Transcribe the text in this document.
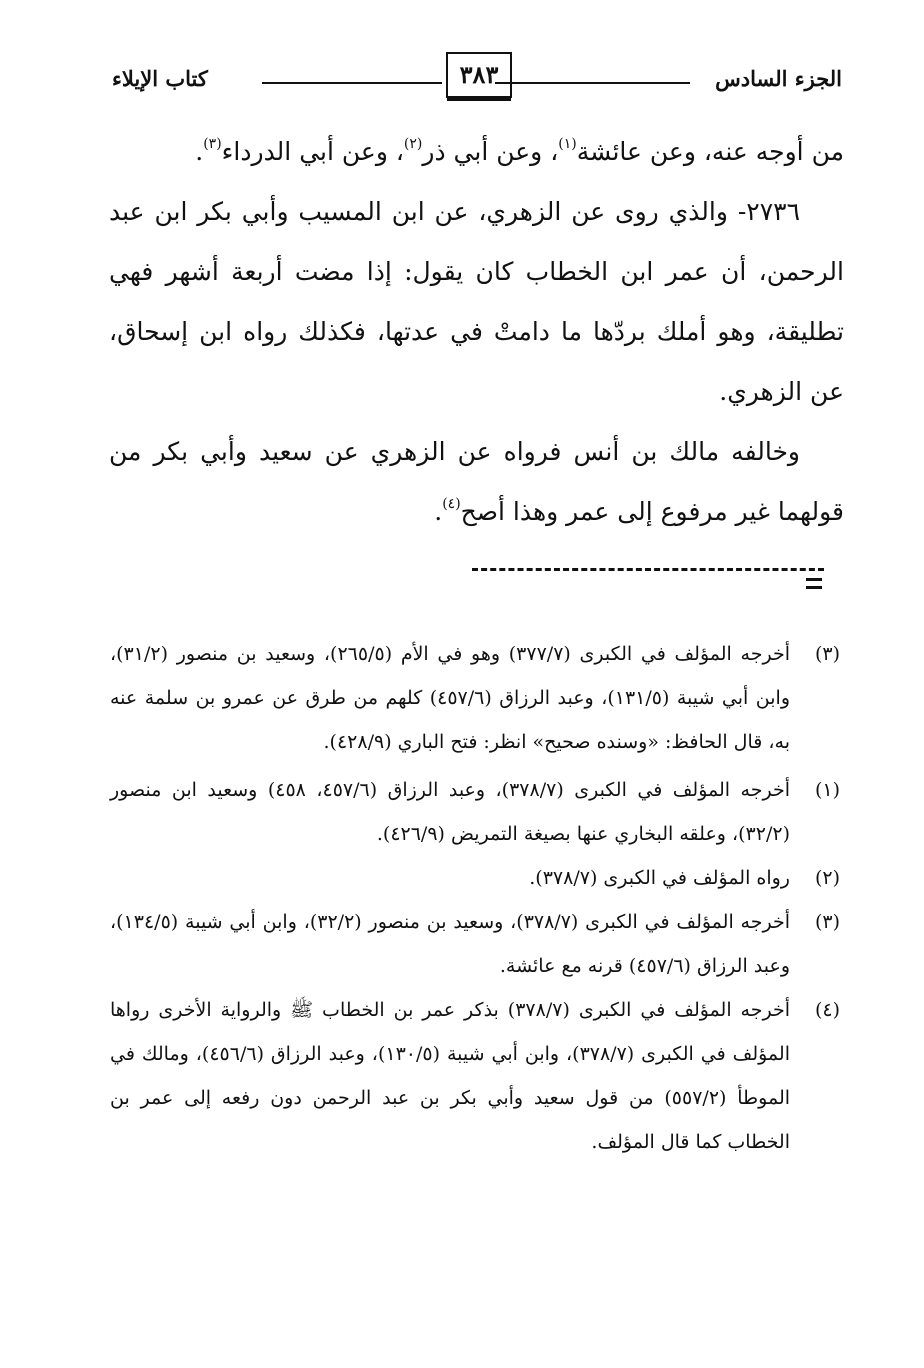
الجزء السادس
٣٨٣
كتاب الإيلاء

من أوجه عنه، وعن عائشة$^{(١)}$، وعن أبي ذر$^{(٢)}$، وعن أبي الدرداء$^{(٣)}$.

٢٧٣٦- والذي روى عن الزهري، عن ابن المسيب وأبي بكر ابن عبد الرحمن، أن عمر ابن الخطاب كان يقول: إذا مضت أربعة أشهر فهي تطليقة، وهو أملك بردّها ما دامتْ في عدتها، فكذلك رواه ابن إسحاق، عن الزهري.

وخالفه مالك بن أنس فرواه عن الزهري عن سعيد وأبي بكر من قولهما غير مرفوع إلى عمر وهذا أصح$^{(٤)}$.

(٣)
أخرجه المؤلف في الكبرى (٣٧٧/٧) وهو في الأم (٢٦٥/٥)، وسعيد بن منصور (٣١/٢)، وابن أبي شيبة (١٣١/٥)، وعبد الرزاق (٤٥٧/٦) كلهم من طرق عن عمرو بن سلمة عنه به، قال الحافظ: «وسنده صحيح» انظر: فتح الباري (٤٢٨/٩).

(١)
أخرجه المؤلف في الكبرى (٣٧٨/٧)، وعبد الرزاق (٤٥٧/٦، ٤٥٨) وسعيد ابن منصور (٣٢/٢)، وعلقه البخاري عنها بصيغة التمريض (٤٢٦/٩).

(٢)
رواه المؤلف في الكبرى (٣٧٨/٧).

(٣)
أخرجه المؤلف في الكبرى (٣٧٨/٧)، وسعيد بن منصور (٣٢/٢)، وابن أبي شيبة (١٣٤/٥)، وعبد الرزاق (٤٥٧/٦) قرنه مع عائشة.

(٤)
أخرجه المؤلف في الكبرى (٣٧٨/٧) بذكر عمر بن الخطاب ﷺ والرواية الأخرى رواها المؤلف في الكبرى (٣٧٨/٧)، وابن أبي شيبة (١٣٠/٥)، وعبد الرزاق (٤٥٦/٦)، ومالك في الموطأ (٥٥٧/٢) من قول سعيد وأبي بكر بن عبد الرحمن دون رفعه إلى عمر بن الخطاب كما قال المؤلف.
